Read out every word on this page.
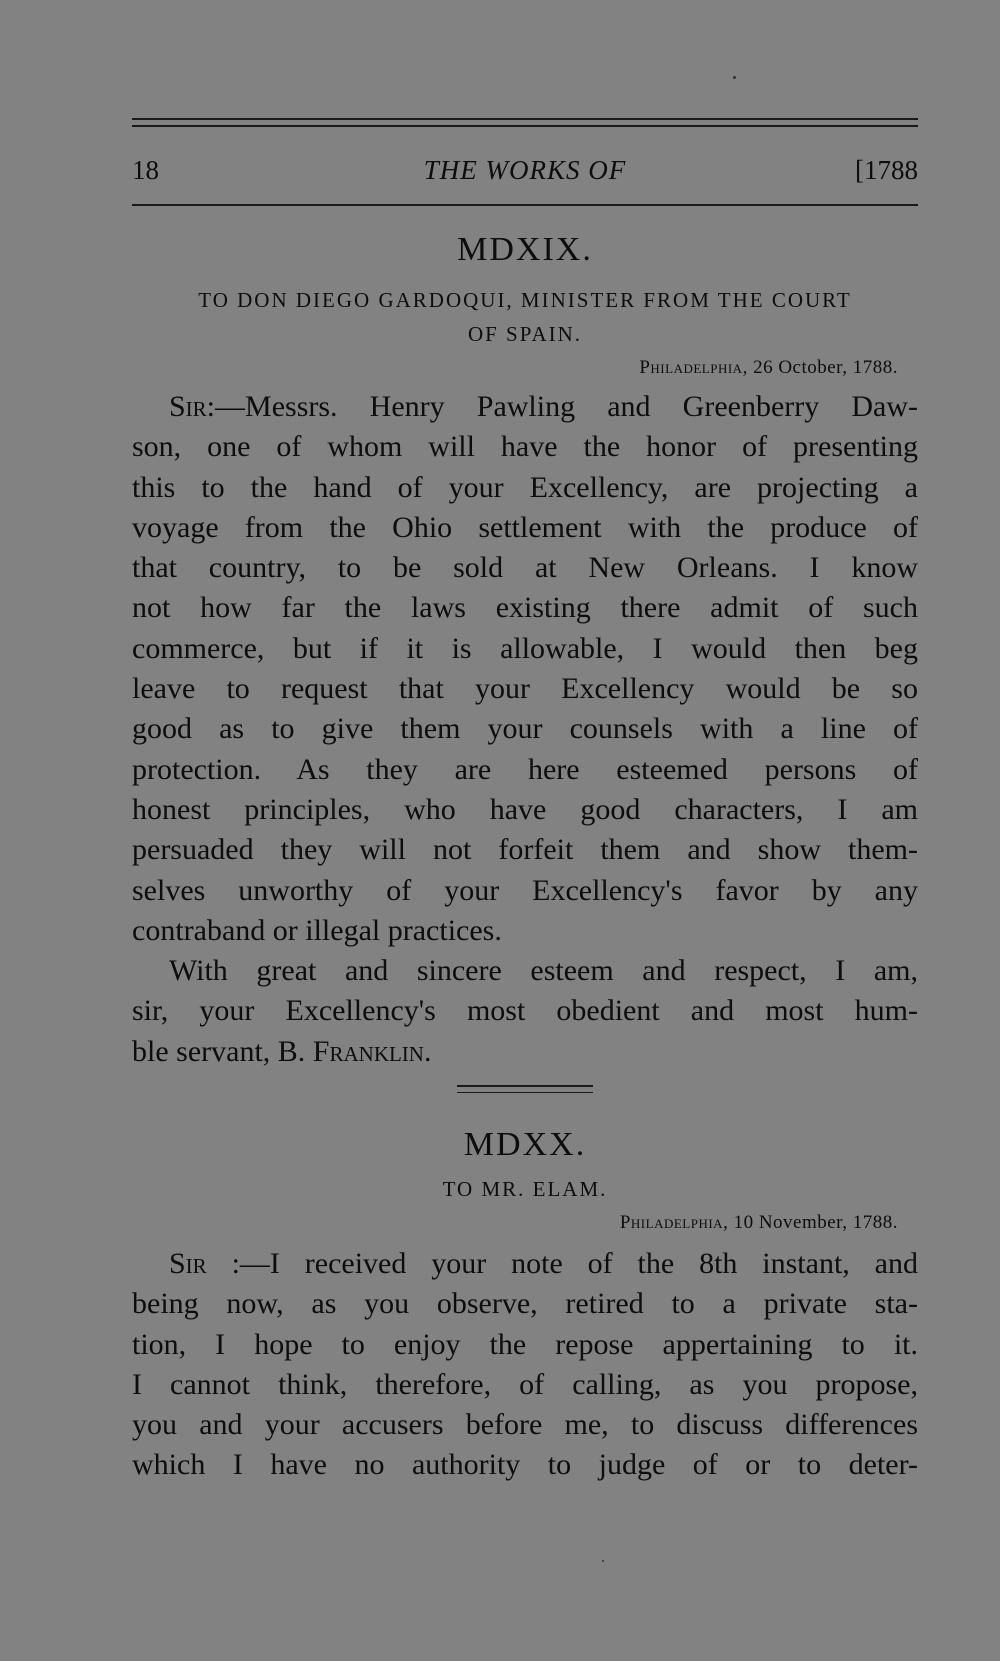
18	THE WORKS OF	[1788
MDXIX.
TO DON DIEGO GARDOQUI, MINISTER FROM THE COURT
OF SPAIN.
Philadelphia, 26 October, 1788.
Sir:—Messrs. Henry Pawling and Greenberry Daw-
son, one of whom will have the honor of presenting
this to the hand of your Excellency, are projecting a
voyage from the Ohio settlement with the produce of
that country, to be sold at New Orleans. I know
not how far the laws existing there admit of such
commerce, but if it is allowable, I would then beg
leave to request that your Excellency would be so
good as to give them your counsels with a line of
protection. As they are here esteemed persons of
honest principles, who have good characters, I am
persuaded they will not forfeit them and show them-
selves unworthy of your Excellency's favor by any
contraband or illegal practices.
With great and sincere esteem and respect, I am,
sir, your Excellency's most obedient and most hum-
ble servant, B. Franklin.
MDXX.
TO MR. ELAM.
Philadelphia, 10 November, 1788.
Sir :—I received your note of the 8th instant, and
being now, as you observe, retired to a private sta-
tion, I hope to enjoy the repose appertaining to it.
I cannot think, therefore, of calling, as you propose,
you and your accusers before me, to discuss differences
which I have no authority to judge of or to deter-
